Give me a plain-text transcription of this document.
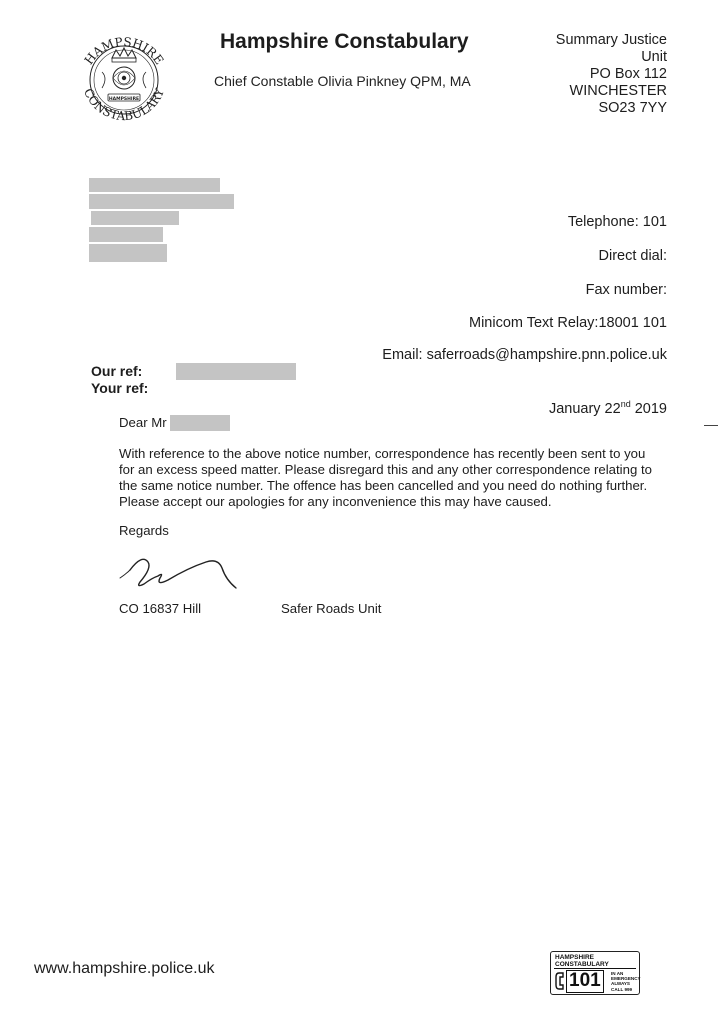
HAMPSHIRE
CONSTABULARY
HAMPSHIRE
Hampshire Constabulary
Chief Constable Olivia Pinkney QPM, MA
Summary Justice
Unit
PO Box 112
WINCHESTER
SO23 7YY
Telephone: 101
Direct dial:
Fax number:
Minicom Text Relay:18001 101
Email: saferroads@hampshire.pnn.police.uk
Our ref:
Your ref:
January 22nd 2019
Dear Mr
With reference to the above notice number, correspondence has recently been sent to you for an excess speed matter. Please disregard this and any other correspondence relating to the same notice number. The offence has been cancelled and you need do nothing further. Please accept our apologies for any inconvenience this may have caused.
Regards
CO 16837 Hill	Safer Roads Unit
www.hampshire.police.uk
HAMPSHIRE
CONSTABULARY
101	IN AN EMERGENCY ALWAYS CALL 999
